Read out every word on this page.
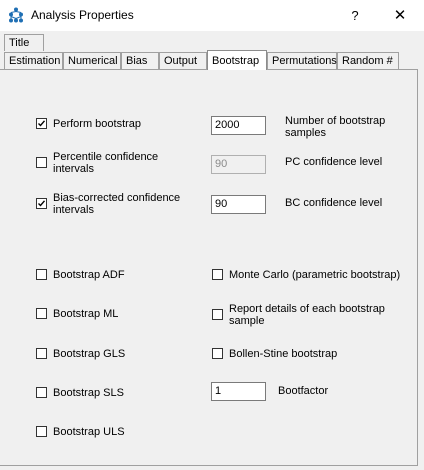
Analysis Properties	?	✕
Title
Estimation Numerical Bias	Output	Bootstrap	Permutations Random #
Perform bootstrap	2000	Number of bootstrap
samples
Percentile confidence
intervals	90	PC confidence level
Bias-corrected confidence
intervals	90	BC confidence level
Bootstrap ADF
Bootstrap ML
Bootstrap GLS
Bootstrap SLS
Bootstrap ULS
Monte Carlo (parametric bootstrap)
Report details of each bootstrap
sample
Bollen-Stine bootstrap
1	Bootfactor
